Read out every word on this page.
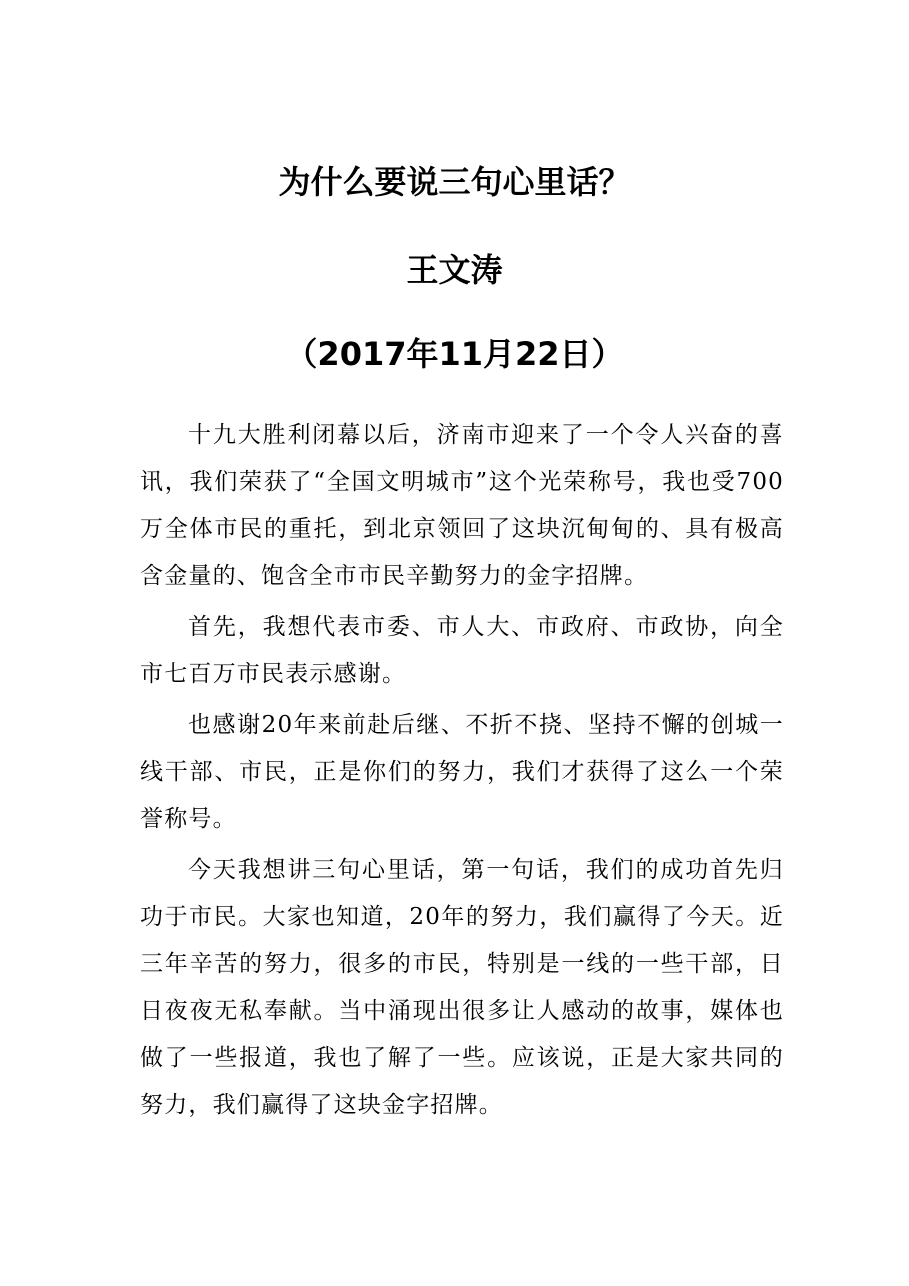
为什么要说三句心里话？
王文涛
（2017年11月22日）

十九大胜利闭幕以后，济南市迎来了一个令人兴奋的喜讯，我们荣获了“全国文明城市”这个光荣称号，我也受700万全体市民的重托，到北京领回了这块沉甸甸的、具有极高含金量的、饱含全市市民辛勤努力的金字招牌。

首先，我想代表市委、市人大、市政府、市政协，向全市七百万市民表示感谢。

也感谢20年来前赴后继、不折不挠、坚持不懈的创城一线干部、市民，正是你们的努力，我们才获得了这么一个荣誉称号。

今天我想讲三句心里话，第一句话，我们的成功首先归功于市民。大家也知道，20年的努力，我们赢得了今天。近三年辛苦的努力，很多的市民，特别是一线的一些干部，日日夜夜无私奉献。当中涌现出很多让人感动的故事，媒体也做了一些报道，我也了解了一些。应该说，正是大家共同的努力，我们赢得了这块金字招牌。
